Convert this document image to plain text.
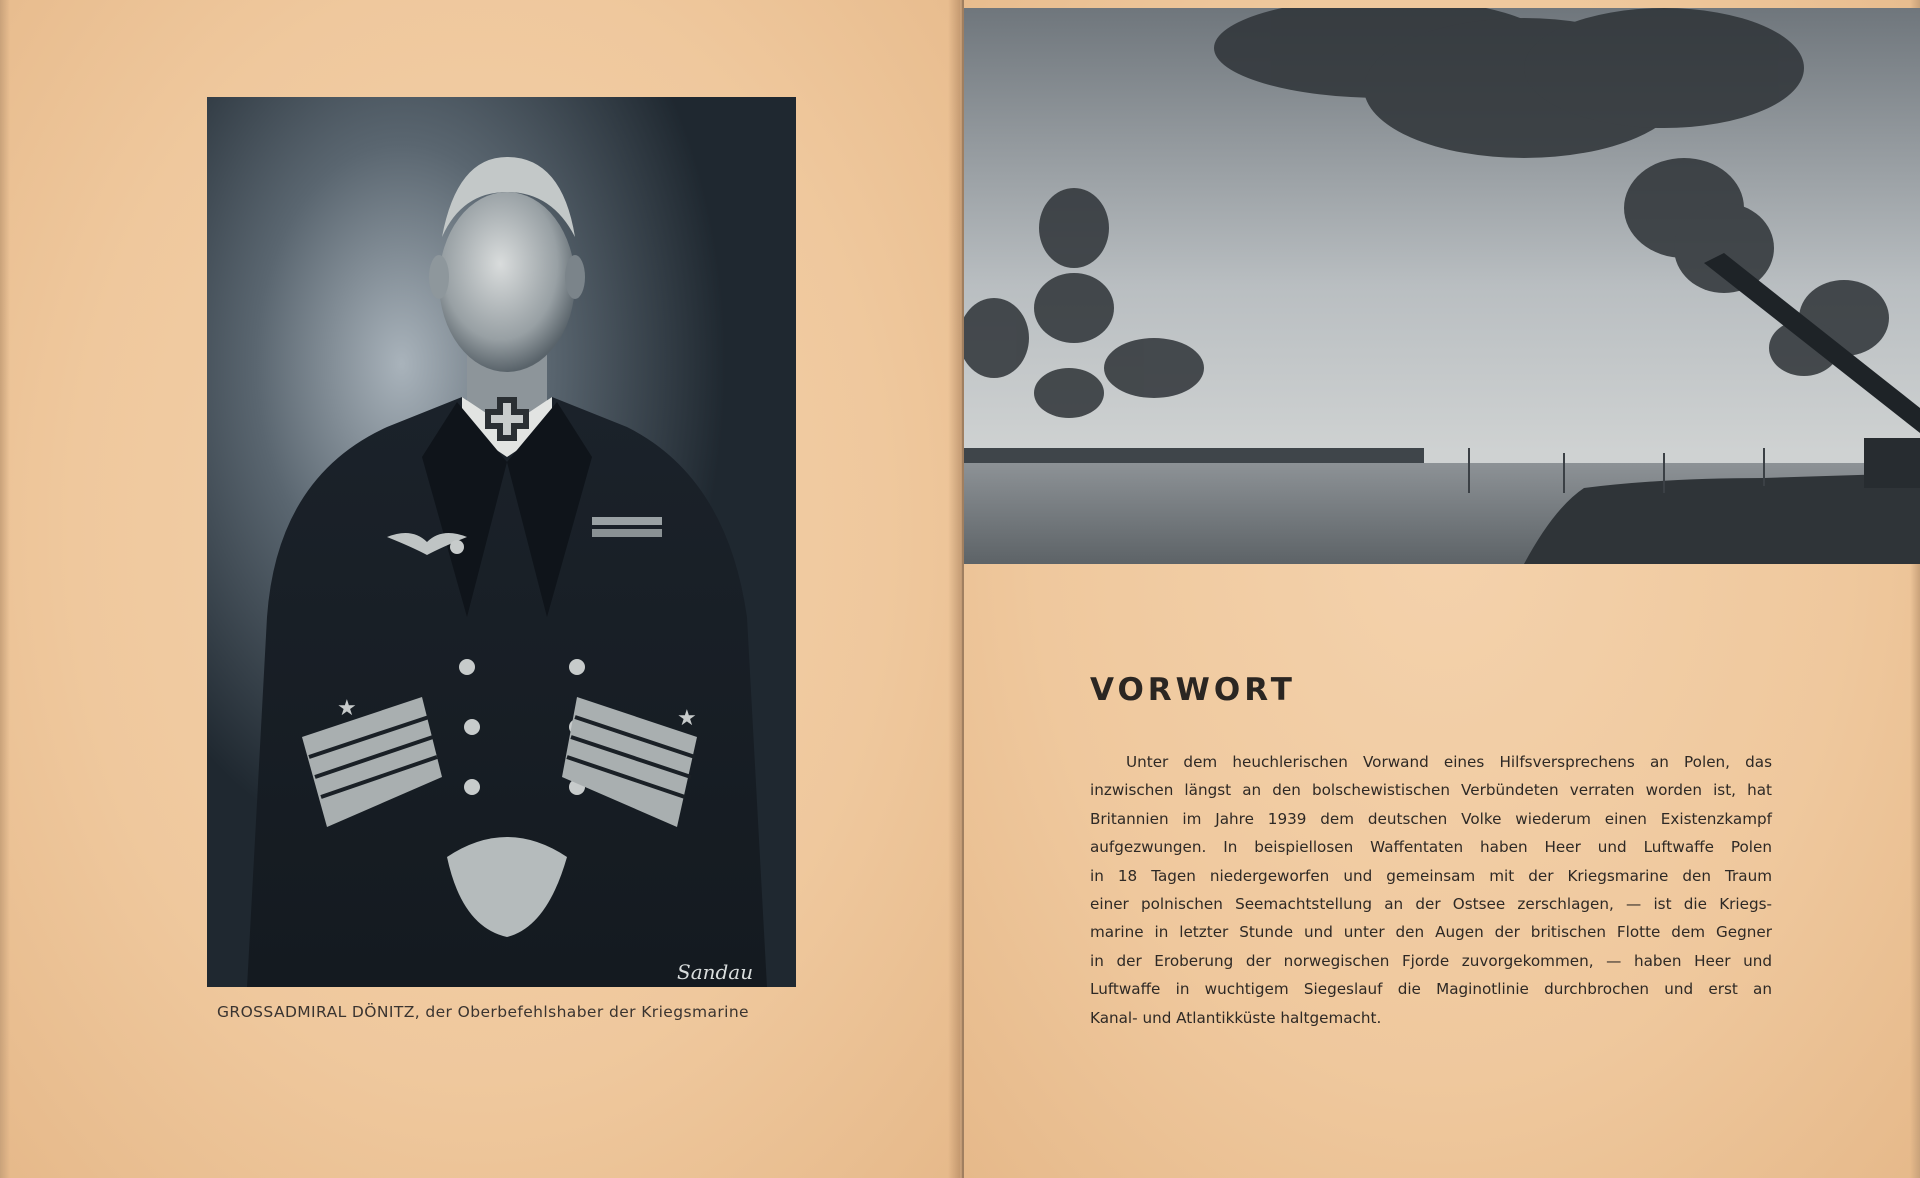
★	★
Sandau
GROSSADMIRAL DÖNITZ, der Oberbefehlshaber der Kriegsmarine
VORWORT
Unter dem heuchlerischen Vorwand eines Hilfsversprechens an Polen, das
inzwischen längst an den bolschewistischen Verbündeten verraten worden ist, hat
Britannien im Jahre 1939 dem deutschen Volke wiederum einen Existenzkampf
aufgezwungen. In beispiellosen Waffentaten haben Heer und Luftwaffe Polen
in 18 Tagen niedergeworfen und gemeinsam mit der Kriegsmarine den Traum
einer polnischen Seemachtstellung an der Ostsee zerschlagen, — ist die Kriegs-
marine in letzter Stunde und unter den Augen der britischen Flotte dem Gegner
in der Eroberung der norwegischen Fjorde zuvorgekommen, — haben Heer und
Luftwaffe in wuchtigem Siegeslauf die Maginotlinie durchbrochen und erst an
Kanal- und Atlantikküste haltgemacht.
